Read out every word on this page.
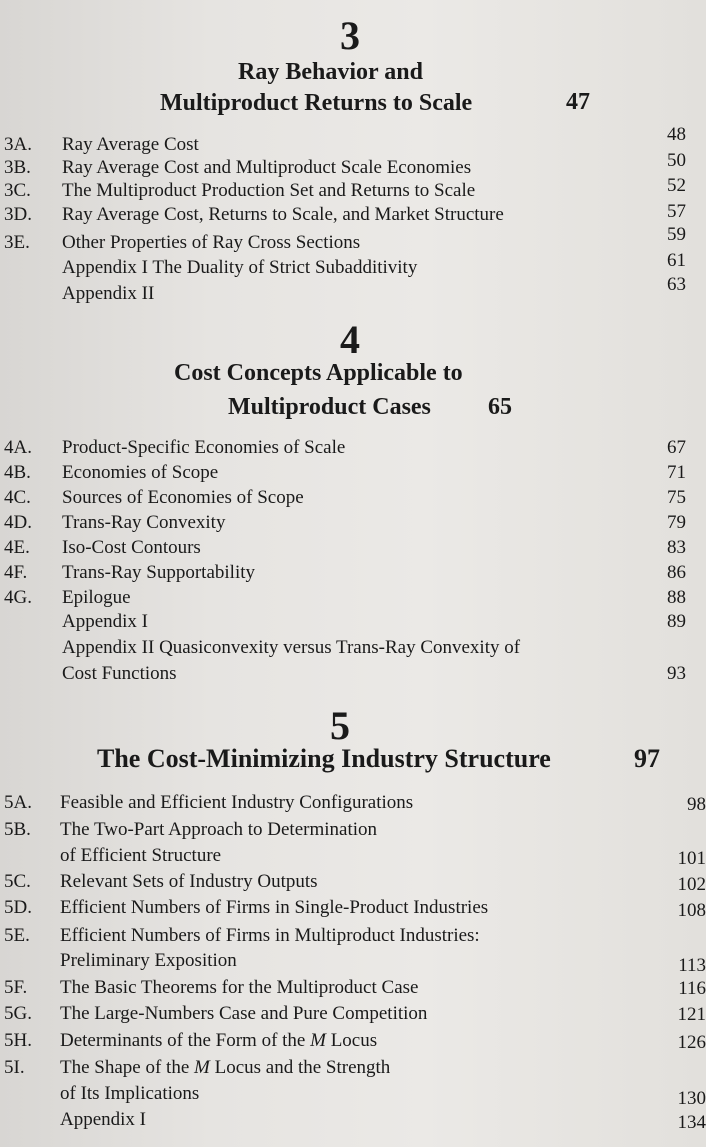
3
Ray Behavior and
Multiproduct Returns to Scale	47
3A. Ray Average Cost	48
3B. Ray Average Cost and Multiproduct Scale Economies	50
3C. The Multiproduct Production Set and Returns to Scale	52
3D. Ray Average Cost, Returns to Scale, and Market Structure	57
3E. Other Properties of Ray Cross Sections	59
Appendix I The Duality of Strict Subadditivity	61
Appendix II	63
4
Cost Concepts Applicable to
Multiproduct Cases 65
4A. Product-Specific Economies of Scale	67
4B. Economies of Scope	71
4C. Sources of Economies of Scope	75
4D. Trans-Ray Convexity	79
4E. Iso-Cost Contours	83
4F. Trans-Ray Supportability	86
4G. Epilogue	88
Appendix I	89
Appendix II Quasiconvexity versus Trans-Ray Convexity of
Cost Functions	93
5
The Cost-Minimizing Industry Structure	97
5A. Feasible and Efficient Industry Configurations	98
5B. The Two-Part Approach to Determination
of Efficient Structure	101
5C. Relevant Sets of Industry Outputs	102
5D. Efficient Numbers of Firms in Single-Product Industries	108
5E. Efficient Numbers of Firms in Multiproduct Industries:
Preliminary Exposition	113
5F. The Basic Theorems for the Multiproduct Case	116
5G. The Large-Numbers Case and Pure Competition	121
5H. Determinants of the Form of the M Locus	126
5I. The Shape of the M Locus and the Strength
of Its Implications	130
Appendix I	134
